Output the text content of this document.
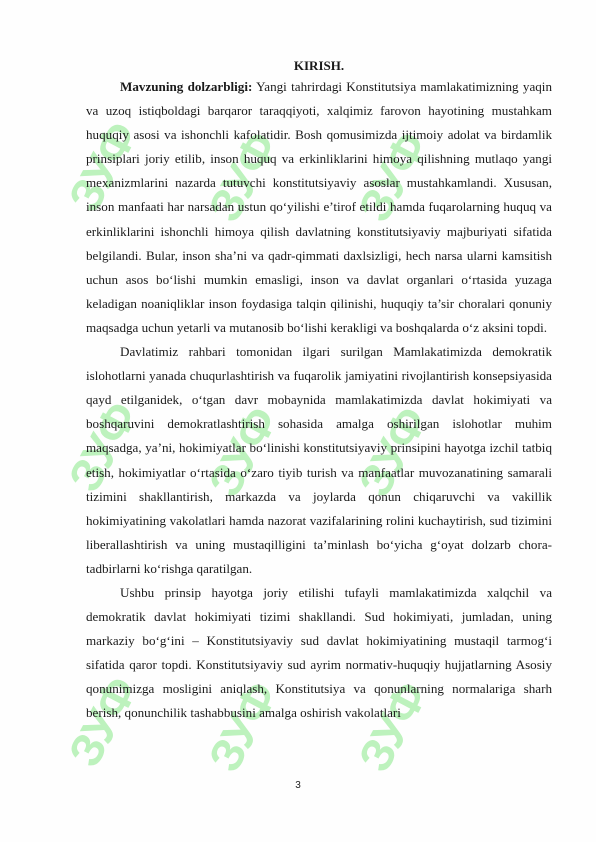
ЗУФ ЗУФ ЗУФ
ЗУФ ЗУФ ЗУФ
ЗУФ ЗУФ ЗУФ

KIRISH.

Mavzuning dolzarbligi: Yangi tahrirdagi Konstitutsiya mamlakatimizning yaqin va uzoq istiqboldagi barqaror taraqqiyoti, xalqimiz farovon hayotining mustahkam huquqiy asosi va ishonchli kafolatidir. Bosh qomusimizda ijtimoiy adolat va birdamlik prinsiplari joriy etilib, inson huquq va erkinliklarini himoya qilishning mutlaqo yangi mexanizmlarini nazarda tutuvchi konstitutsiyaviy asoslar mustahkamlandi. Xususan, inson manfaati har narsadan ustun qo‘yilishi e’tirof etildi hamda fuqarolarning huquq va erkinliklarini ishonchli himoya qilish davlatning konstitutsiyaviy majburiyati sifatida belgilandi. Bular, inson sha’ni va qadr-qimmati daxlsizligi, hech narsa ularni kamsitish uchun asos bo‘lishi mumkin emasligi, inson va davlat organlari o‘rtasida yuzaga keladigan noaniqliklar inson foydasiga talqin qilinishi, huquqiy ta’sir choralari qonuniy maqsadga uchun yetarli va mutanosib bo‘lishi kerakligi va boshqalarda o‘z aksini topdi.

Davlatimiz rahbari tomonidan ilgari surilgan Mamlakatimizda demokratik islohotlarni yanada chuqurlashtirish va fuqarolik jamiyatini rivojlantirish konsepsiyasida qayd etilganidek, o‘tgan davr mobaynida mamlakatimizda davlat hokimiyati va boshqaruvini demokratlashtirish sohasida amalga oshirilgan islohotlar muhim maqsadga, ya’ni, hokimiyatlar bo‘linishi konstitutsiyaviy prinsipini hayotga izchil tatbiq etish, hokimiyatlar o‘rtasida o‘zaro tiyib turish va manfaatlar muvozanatining samarali tizimini shakllantirish, markazda va joylarda qonun chiqaruvchi va vakillik hokimiyatining vakolatlari hamda nazorat vazifalarining rolini kuchaytirish, sud tizimini liberallashtirish va uning mustaqilligini ta’minlash bo‘yicha g‘oyat dolzarb chora-tadbirlarni ko‘rishga qaratilgan.

Ushbu prinsip hayotga joriy etilishi tufayli mamlakatimizda xalqchil va demokratik davlat hokimiyati tizimi shakllandi. Sud hokimiyati, jumladan, uning markaziy bo‘g‘ini – Konstitutsiyaviy sud davlat hokimiyatining mustaqil tarmog‘i sifatida qaror topdi. Konstitutsiyaviy sud ayrim normativ-huquqiy hujjatlarning Asosiy qonunimizga mosligini aniqlash, Konstitutsiya va qonunlarning normalariga sharh berish, qonunchilik tashabbusini amalga oshirish vakolatlari

3
